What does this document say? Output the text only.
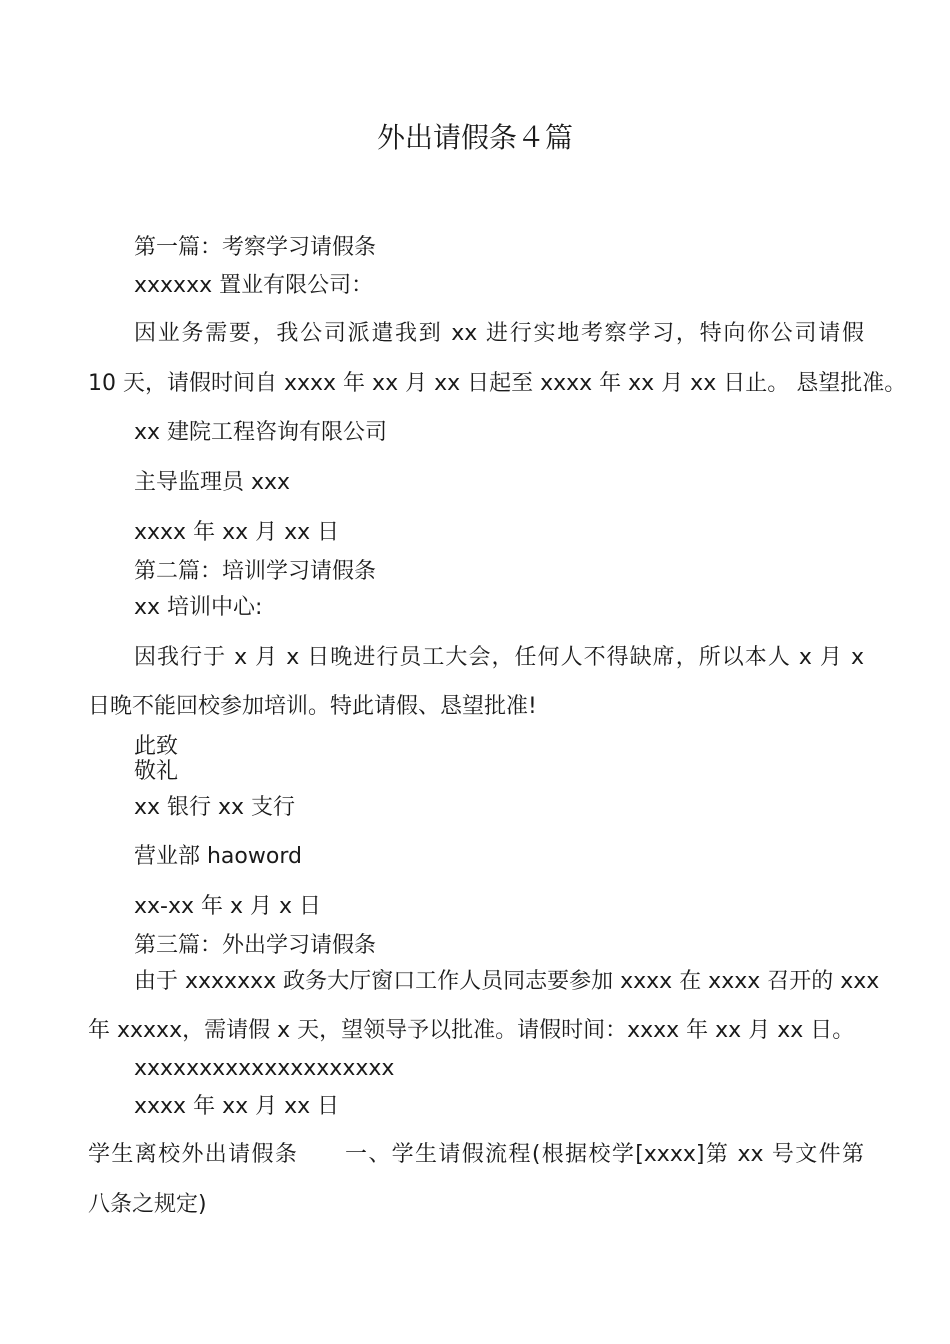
外出请假条４篇
第一篇：考察学习请假条
xxxxxx 置业有限公司：
因业务需要，我公司派遣我到 xx 进行实地考察学习，特向你公司请假
10 天，请假时间自 xxxx 年 xx 月 xx 日起至 xxxx 年 xx 月 xx 日止。 恳望批准。
xx 建院工程咨询有限公司
主导监理员 xxx
xxxx 年 xx 月 xx 日
第二篇：培训学习请假条
xx 培训中心:
因我行于 x 月 x 日晚进行员工大会，任何人不得缺席，所以本人 x 月 x
日晚不能回校参加培训。特此请假、恳望批准!
此致
敬礼
xx 银行 xx 支行
营业部 haoword
xx-xx 年 x 月 x 日
第三篇：外出学习请假条
由于 xxxxxxx 政务大厅窗口工作人员同志要参加 xxxx 在 xxxx 召开的 xxx
年 xxxxx，需请假 x 天，望领导予以批准。请假时间：xxxx 年 xx 月 xx 日。
xxxxxxxxxxxxxxxxxxxx
xxxx 年 xx 月 xx 日
学生离校外出请假条　　一、学生请假流程(根据校学[xxxx]第 xx 号文件第
八条之规定)
